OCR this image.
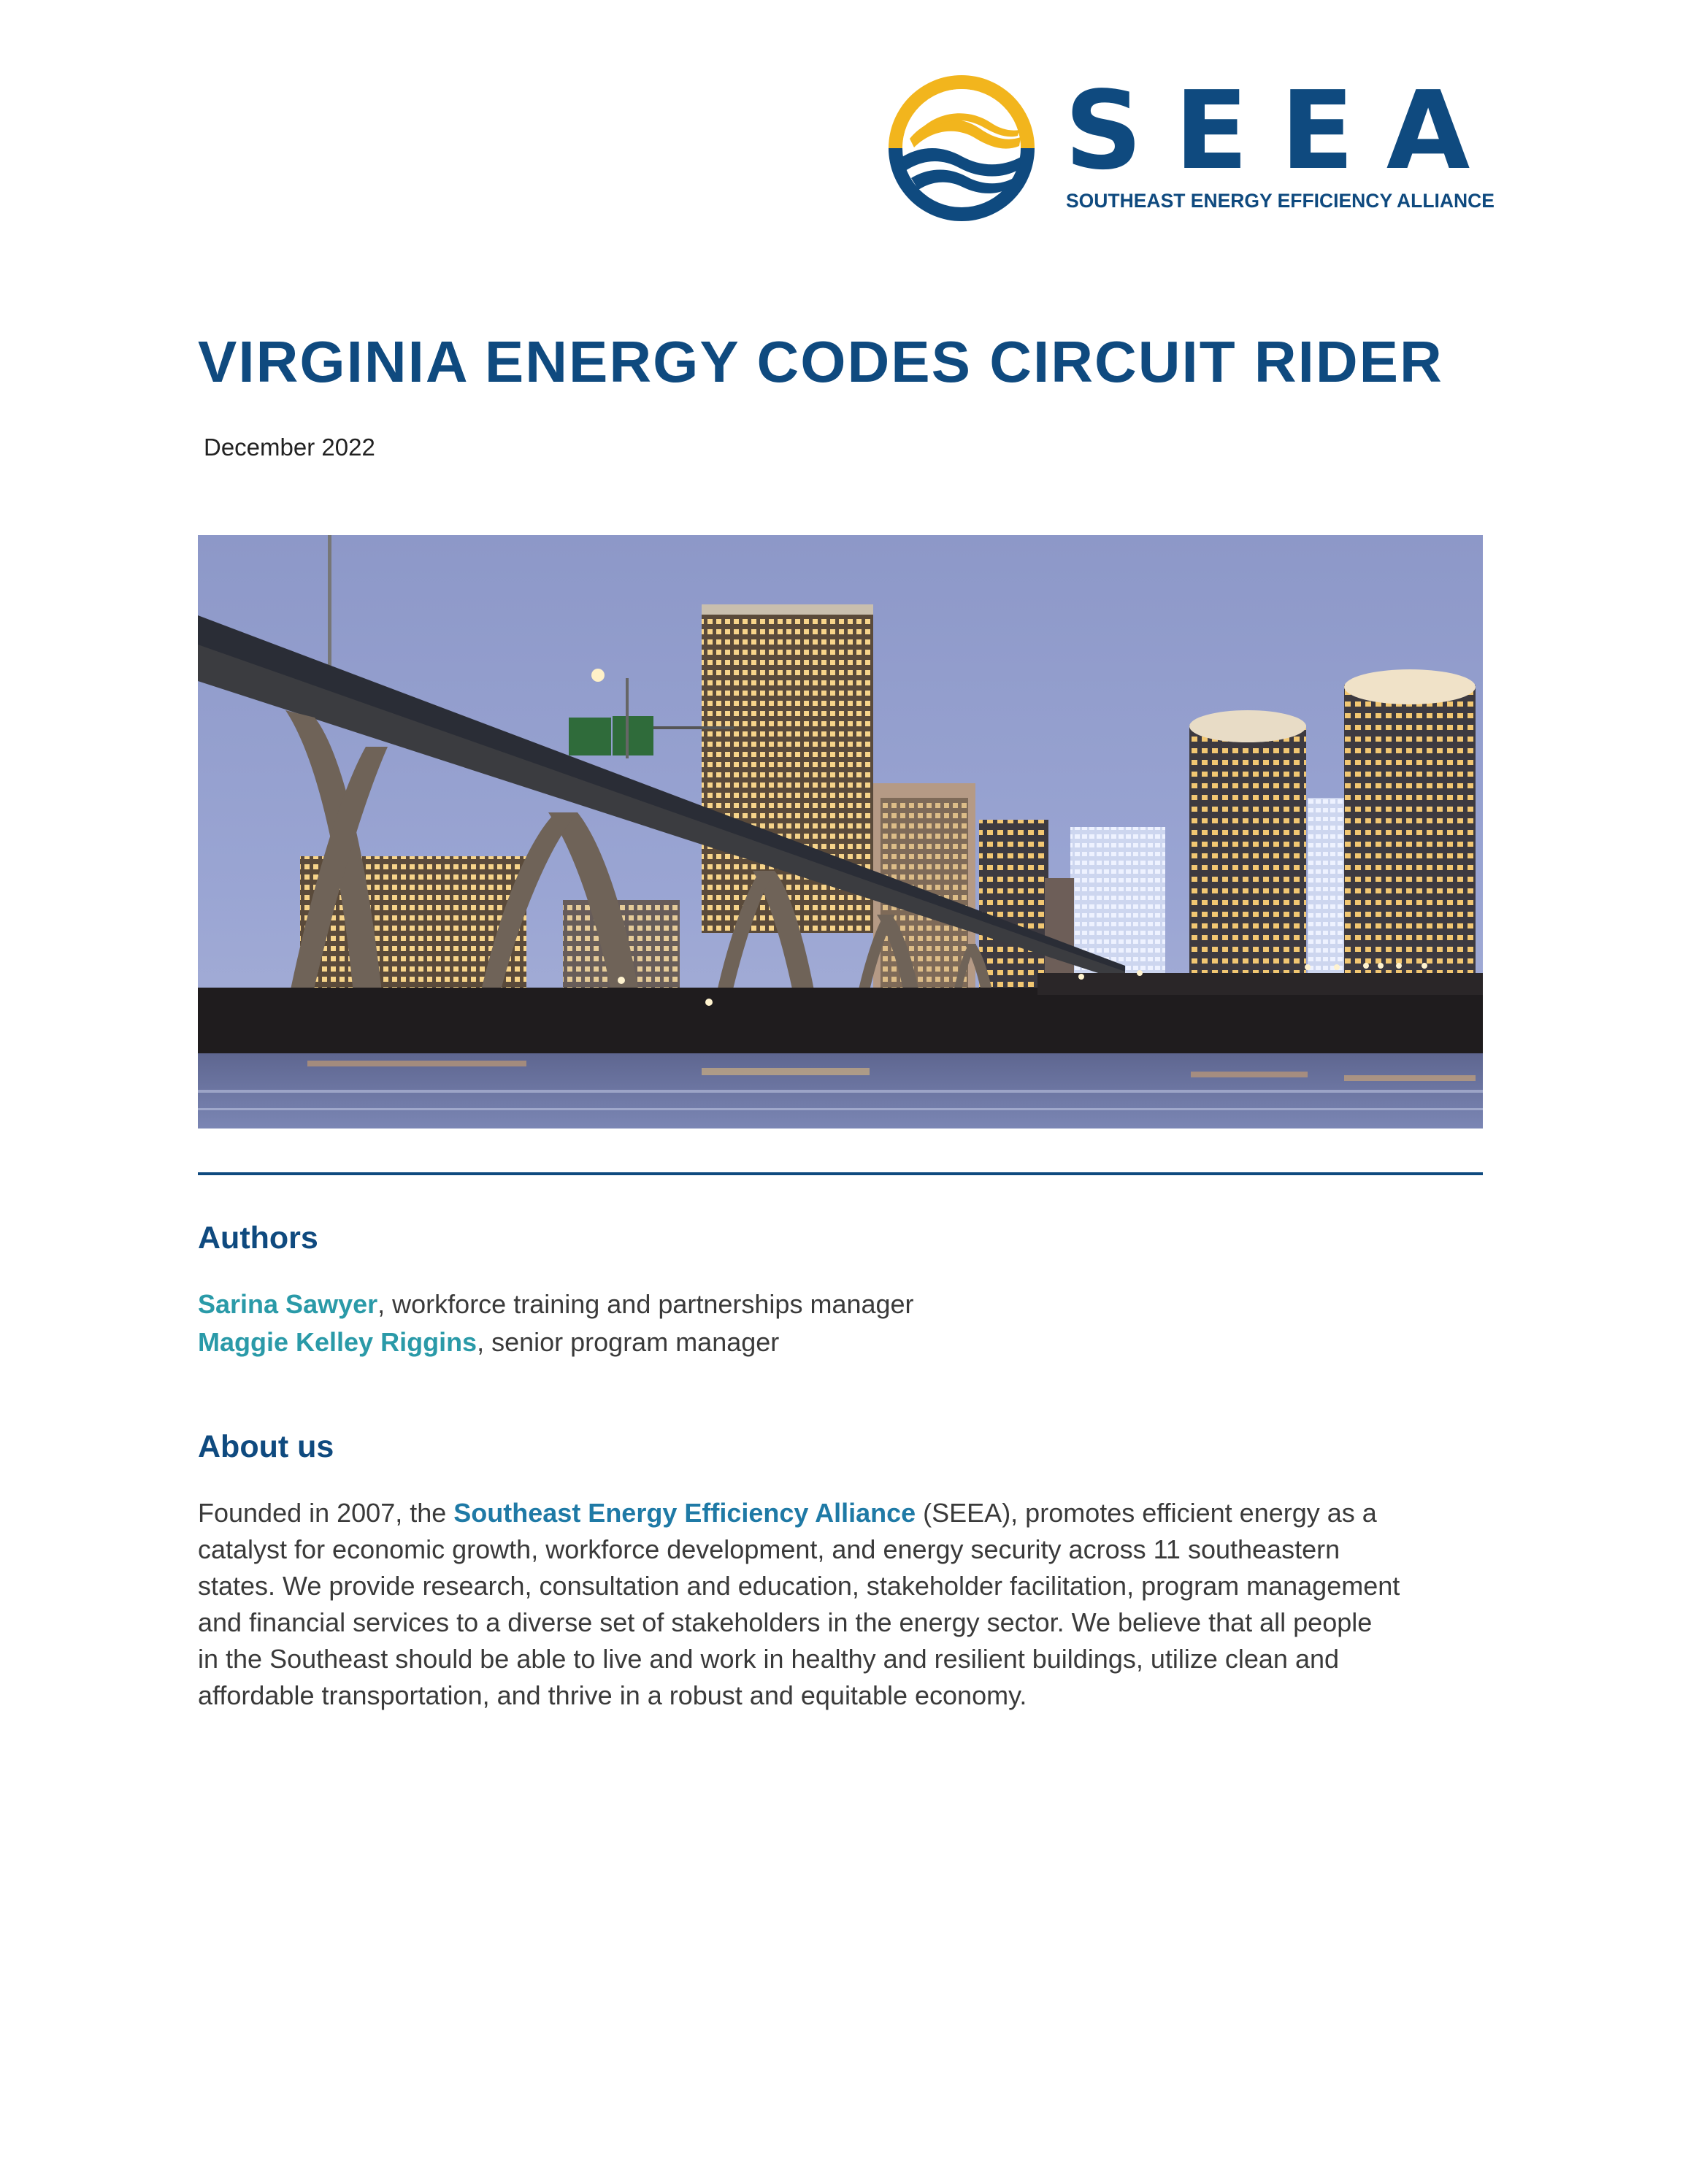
SEEA
SOUTHEAST ENERGY EFFICIENCY ALLIANCE
VIRGINIA ENERGY CODES CIRCUIT RIDER
December 2022
Authors
Sarina Sawyer, workforce training and partnerships manager
Maggie Kelley Riggins, senior program manager
About us
Founded in 2007, the Southeast Energy Efficiency Alliance (SEEA), promotes efficient energy as a
catalyst for economic growth, workforce development, and energy security across 11 southeastern
states. We provide research, consultation and education, stakeholder facilitation, program management
and financial services to a diverse set of stakeholders in the energy sector. We believe that all people
in the Southeast should be able to live and work in healthy and resilient buildings, utilize clean and
affordable transportation, and thrive in a robust and equitable economy.
